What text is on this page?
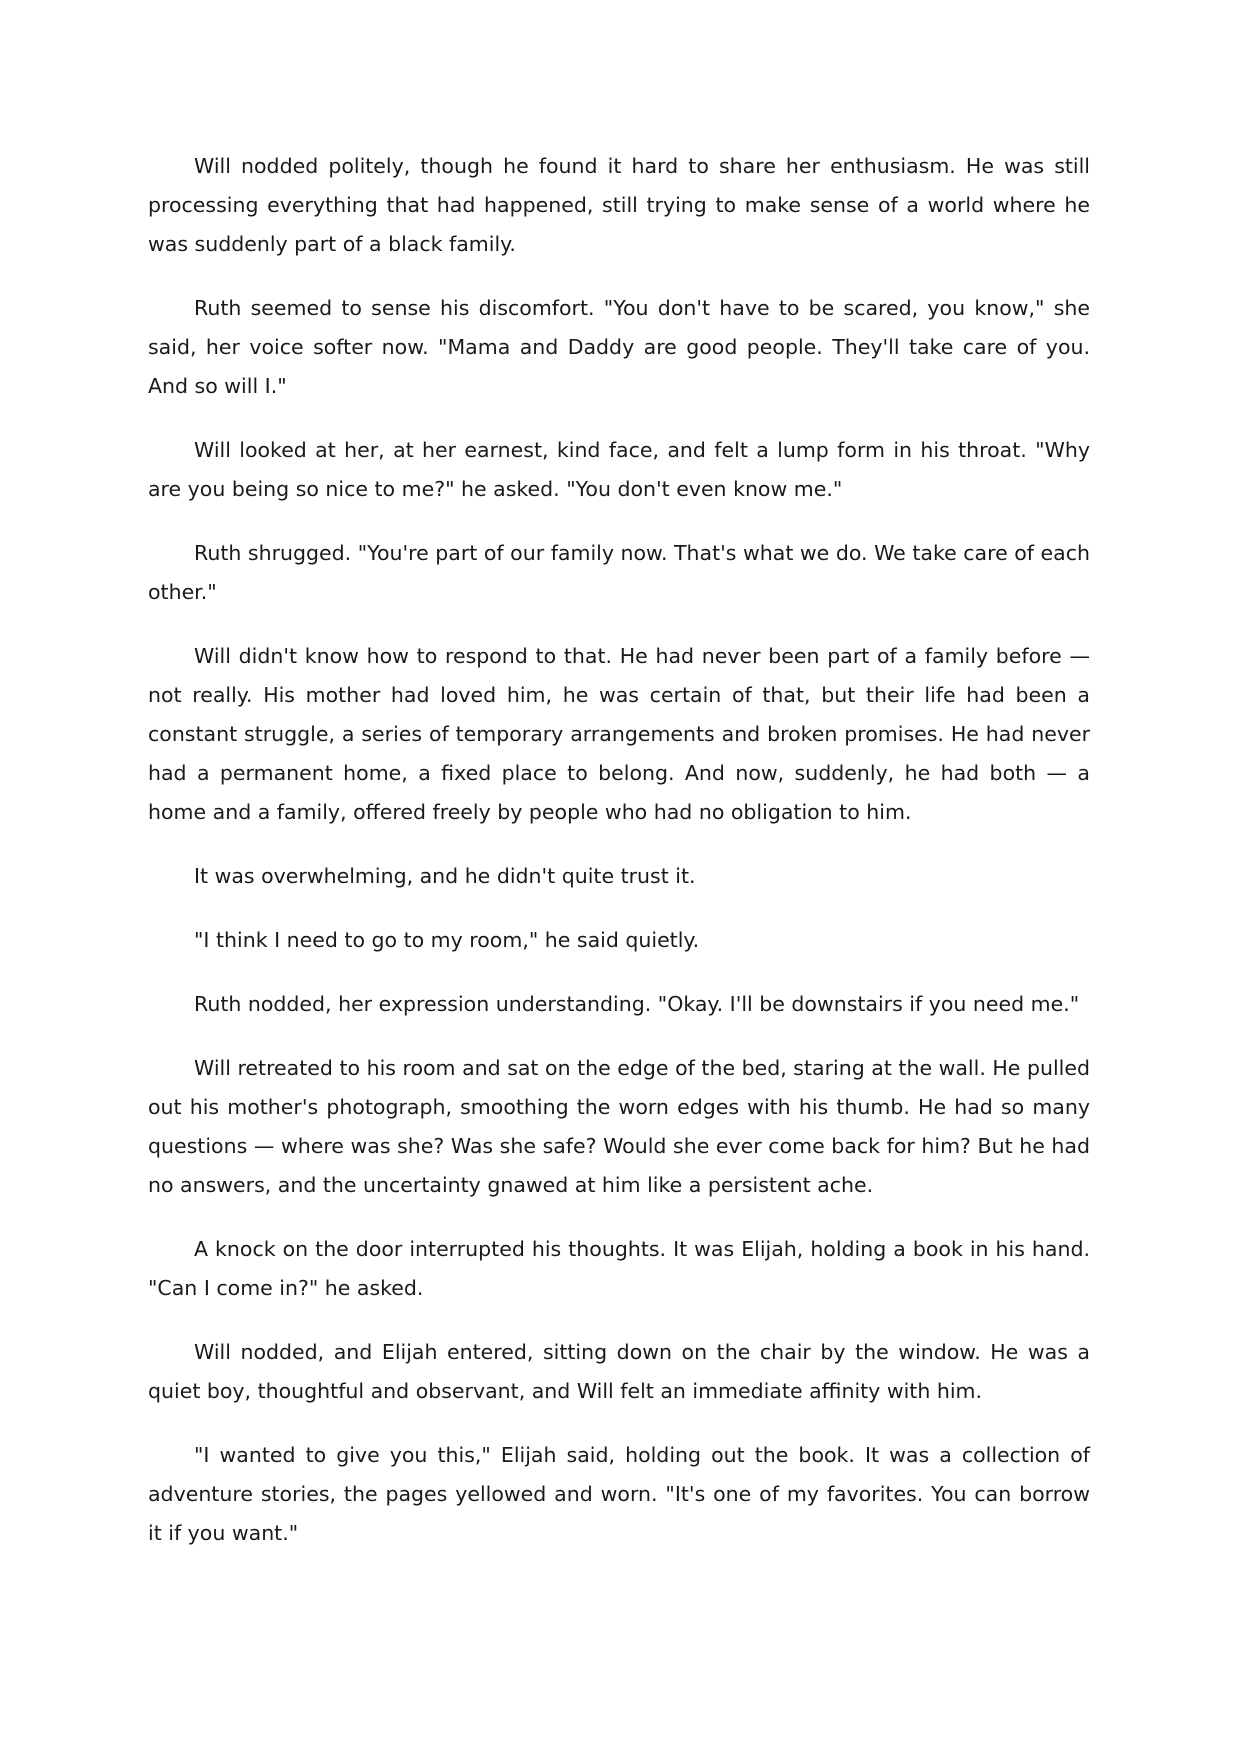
Will nodded politely, though he found it hard to share her enthusiasm. He was still processing everything that had happened, still trying to make sense of a world where he was suddenly part of a black family.

Ruth seemed to sense his discomfort. "You don't have to be scared, you know," she said, her voice softer now. "Mama and Daddy are good people. They'll take care of you. And so will I."

Will looked at her, at her earnest, kind face, and felt a lump form in his throat. "Why are you being so nice to me?" he asked. "You don't even know me."

Ruth shrugged. "You're part of our family now. That's what we do. We take care of each other."

Will didn't know how to respond to that. He had never been part of a family before — not really. His mother had loved him, he was certain of that, but their life had been a constant struggle, a series of temporary arrangements and broken promises. He had never had a permanent home, a fixed place to belong. And now, suddenly, he had both — a home and a family, offered freely by people who had no obligation to him.

It was overwhelming, and he didn't quite trust it.

"I think I need to go to my room," he said quietly.

Ruth nodded, her expression understanding. "Okay. I'll be downstairs if you need me."

Will retreated to his room and sat on the edge of the bed, staring at the wall. He pulled out his mother's photograph, smoothing the worn edges with his thumb. He had so many questions — where was she? Was she safe? Would she ever come back for him? But he had no answers, and the uncertainty gnawed at him like a persistent ache.

A knock on the door interrupted his thoughts. It was Elijah, holding a book in his hand. "Can I come in?" he asked.

Will nodded, and Elijah entered, sitting down on the chair by the window. He was a quiet boy, thoughtful and observant, and Will felt an immediate affinity with him.

"I wanted to give you this," Elijah said, holding out the book. It was a collection of adventure stories, the pages yellowed and worn. "It's one of my favorites. You can borrow it if you want."
